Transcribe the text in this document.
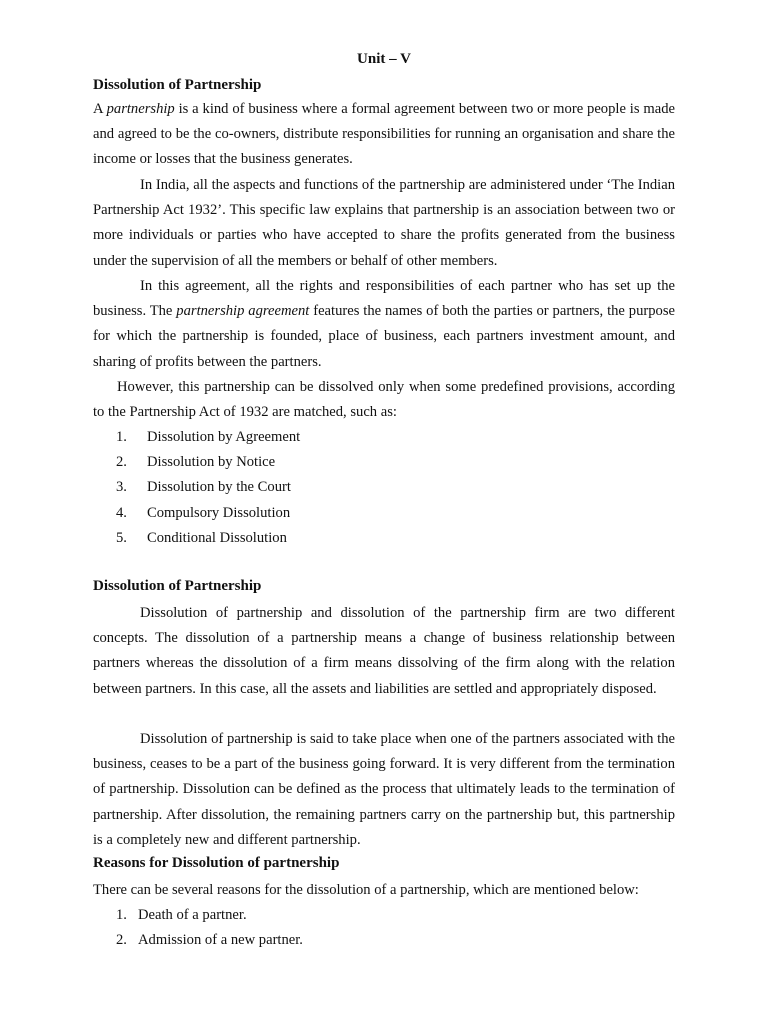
Unit – V
Dissolution of Partnership

A partnership is a kind of business where a formal agreement between two or more people is made and agreed to be the co-owners, distribute responsibilities for running an organisation and share the income or losses that the business generates.

In India, all the aspects and functions of the partnership are administered under ‘The Indian Partnership Act 1932’. This specific law explains that partnership is an association between two or more individuals or parties who have accepted to share the profits generated from the business under the supervision of all the members or behalf of other members.

In this agreement, all the rights and responsibilities of each partner who has set up the business. The partnership agreement features the names of both the parties or partners, the purpose for which the partnership is founded, place of business, each partners investment amount, and sharing of profits between the partners.

However, this partnership can be dissolved only when some predefined provisions, according to the Partnership Act of 1932 are matched, such as:

1. Dissolution by Agreement
2. Dissolution by Notice
3. Dissolution by the Court
4. Compulsory Dissolution
5. Conditional Dissolution
Dissolution of Partnership

Dissolution of partnership and dissolution of the partnership firm are two different concepts. The dissolution of a partnership means a change of business relationship between partners whereas the dissolution of a firm means dissolving of the firm along with the relation between partners. In this case, all the assets and liabilities are settled and appropriately disposed.

Dissolution of partnership is said to take place when one of the partners associated with the business, ceases to be a part of the business going forward. It is very different from the termination of partnership. Dissolution can be defined as the process that ultimately leads to the termination of partnership. After dissolution, the remaining partners carry on the partnership but, this partnership is a completely new and different partnership.

Reasons for Dissolution of partnership

There can be several reasons for the dissolution of a partnership, which are mentioned below:

1. Death of a partner.
2. Admission of a new partner.
